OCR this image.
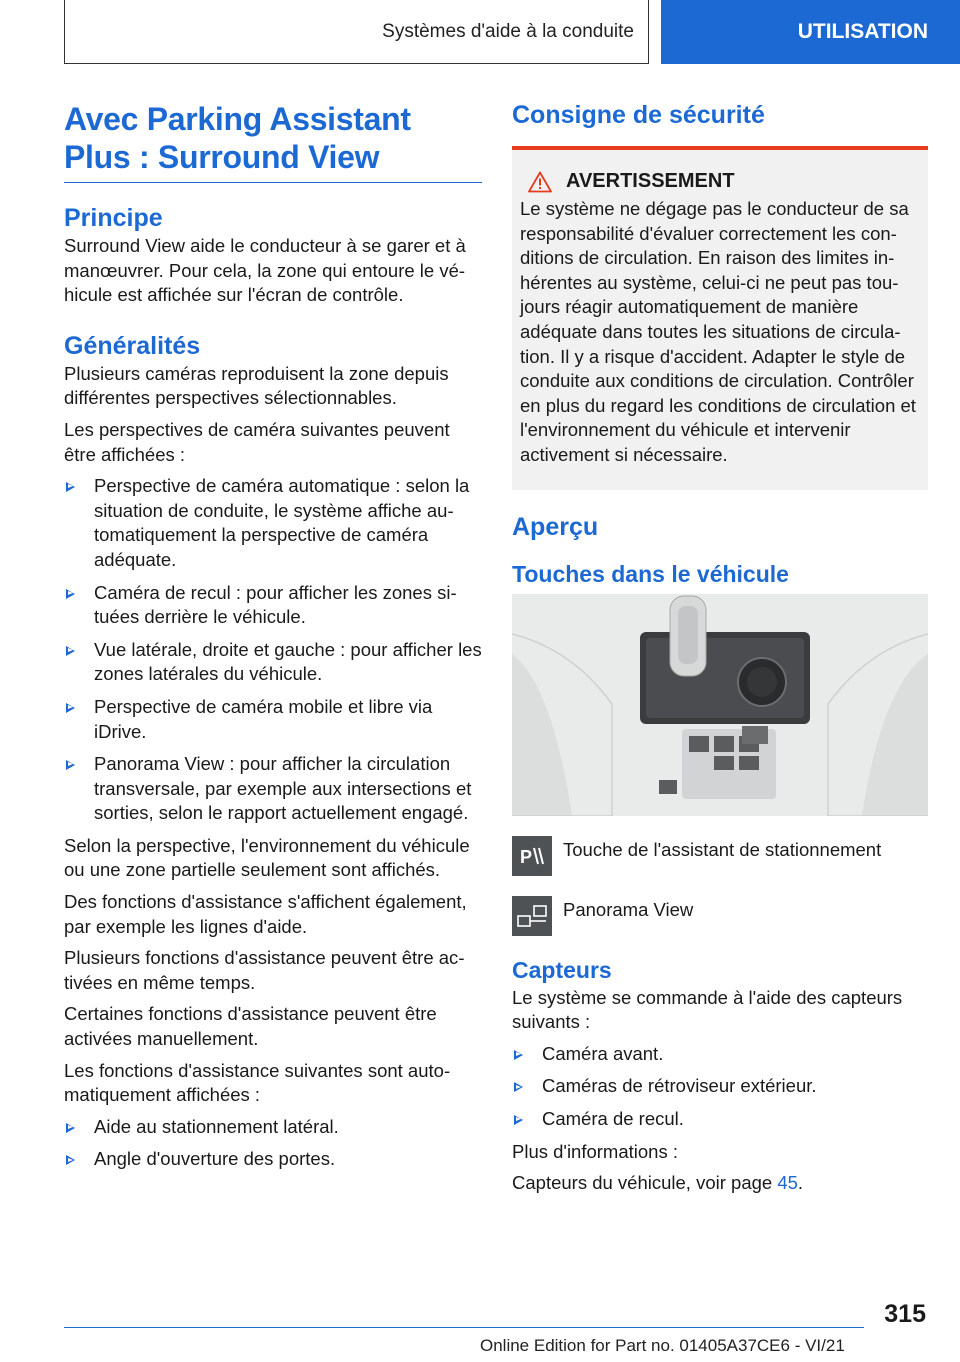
Systèmes d'aide à la conduite	UTILISATION
Avec Parking Assistant Plus : Surround View
Principe
Surround View aide le conducteur à se garer et à manœuvrer. Pour cela, la zone qui entoure le véhicule est affichée sur l'écran de contrôle.
Généralités
Plusieurs caméras reproduisent la zone depuis différentes perspectives sélectionnables.
Les perspectives de caméra suivantes peuvent être affichées :
Perspective de caméra automatique : selon la situation de conduite, le système affiche automatiquement la perspective de caméra adéquate.
Caméra de recul : pour afficher les zones situées derrière le véhicule.
Vue latérale, droite et gauche : pour afficher les zones latérales du véhicule.
Perspective de caméra mobile et libre via iDrive.
Panorama View : pour afficher la circulation transversale, par exemple aux intersections et sorties, selon le rapport actuellement engagé.
Selon la perspective, l'environnement du véhicule ou une zone partielle seulement sont affichés.
Des fonctions d'assistance s'affichent également, par exemple les lignes d'aide.
Plusieurs fonctions d'assistance peuvent être activées en même temps.
Certaines fonctions d'assistance peuvent être activées manuellement.
Les fonctions d'assistance suivantes sont automatiquement affichées :
Aide au stationnement latéral.
Angle d'ouverture des portes.
Consigne de sécurité
AVERTISSEMENT
Le système ne dégage pas le conducteur de sa responsabilité d'évaluer correctement les conditions de circulation. En raison des limites inhérentes au système, celui-ci ne peut pas toujours réagir automatiquement de manière adéquate dans toutes les situations de circulation. Il y a risque d'accident. Adapter le style de conduite aux conditions de circulation. Contrôler en plus du regard les conditions de circulation et l'environnement du véhicule et intervenir activement si nécessaire.
Aperçu
Touches dans le véhicule
P Touche de l'assistant de stationnement
Panorama View
Capteurs
Le système se commande à l'aide des capteurs suivants :
Caméra avant.
Caméras de rétroviseur extérieur.
Caméra de recul.
Plus d'informations :
Capteurs du véhicule, voir page 45.
315
Online Edition for Part no. 01405A37CE6 - VI/21
